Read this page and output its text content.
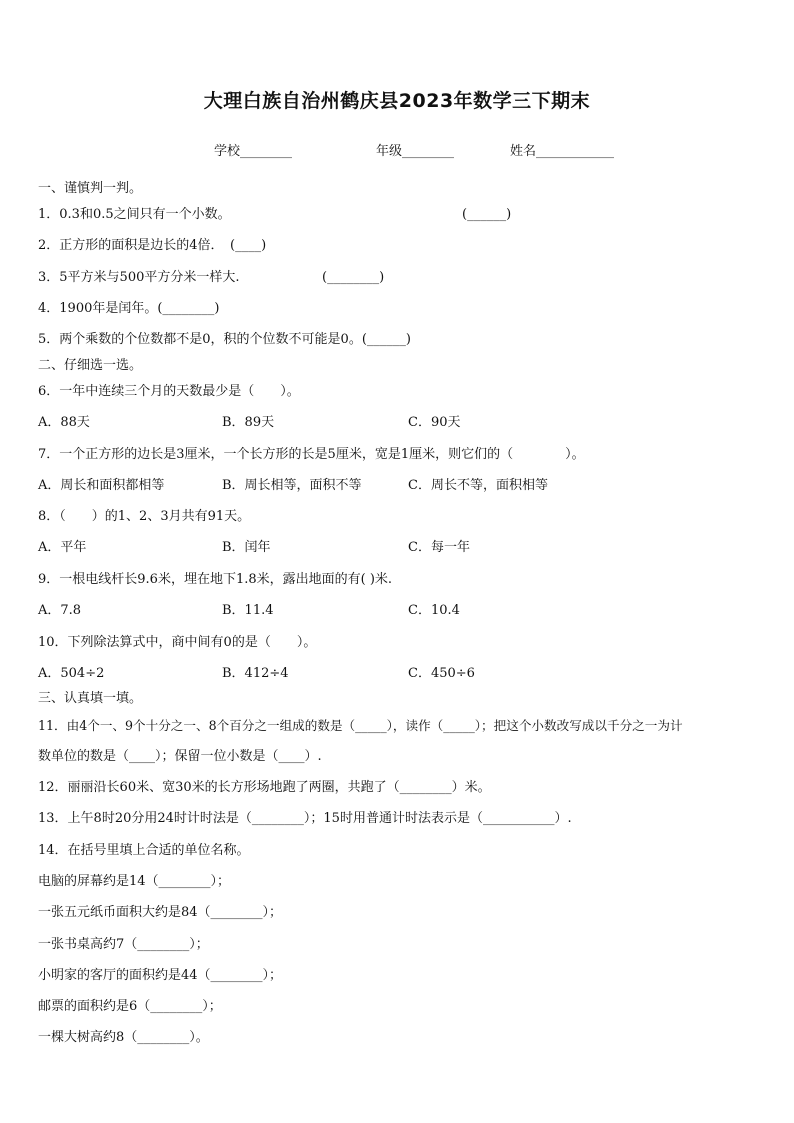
大理白族自治州鹤庆县2023年数学三下期末
学校________	年级________	姓名____________
一、谨慎判一判。
1．0.3和0.5之间只有一个小数。	(______)
2．正方形的面积是边长的4倍．　(____)
3．5平方米与500平方分米一样大.	(________)
4．1900年是闰年。(________)
5．两个乘数的个位数都不是0，积的个位数不可能是0。(______)
二、仔细选一选。
6．一年中连续三个月的天数最少是（　　）。
A．88天	B．89天	C．90天
7．一个正方形的边长是3厘米，一个长方形的长是5厘米，宽是1厘米，则它们的（　　　　）。
A．周长和面积都相等	B．周长相等，面积不等	C．周长不等，面积相等
8．（　　）的1、2、3月共有91天。
A．平年	B．闰年	C．每一年
9．一根电线杆长9.6米，埋在地下1.8米，露出地面的有( )米.
A．7.8	B．11.4	C．10.4
10．下列除法算式中，商中间有0的是（　　）。
A．504÷2	B．412÷4	C．450÷6
三、认真填一填。
11．由4个一、9个十分之一、8个百分之一组成的数是（_____），读作（_____）；把这个小数改写成以千分之一为计
数单位的数是（____）；保留一位小数是（____）.
12．丽丽沿长60米、宽30米的长方形场地跑了两圈，共跑了（________）米。
13．上午8时20分用24时计时法是（________）；15时用普通计时法表示是（___________）.
14．在括号里填上合适的单位名称。
电脑的屏幕约是14（________）；
一张五元纸币面积大约是84（________）；
一张书桌高约7（________）；
小明家的客厅的面积约是44（________）；
邮票的面积约是6（________）；
一棵大树高约8（________）。
